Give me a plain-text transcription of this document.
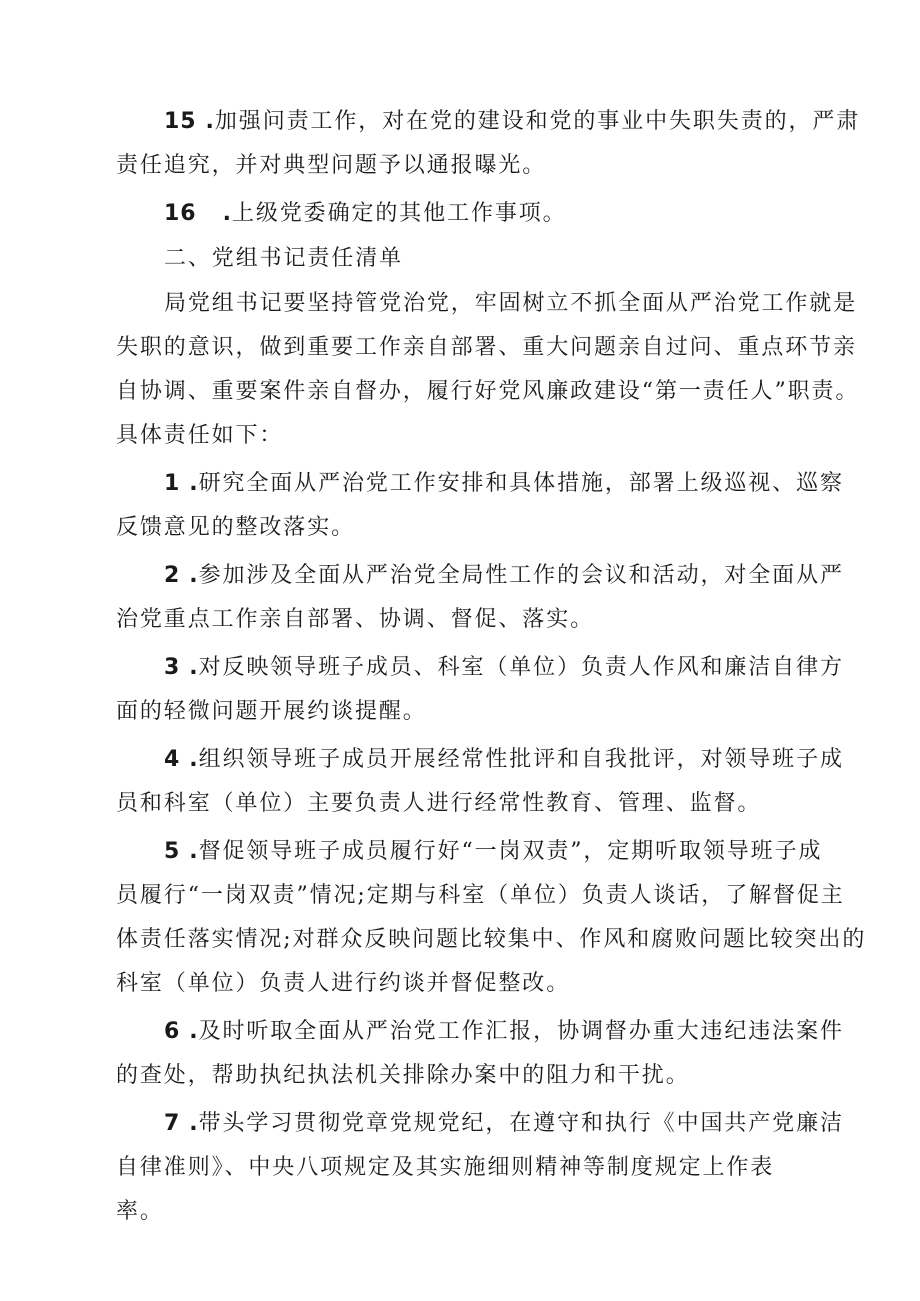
15 .加强问责工作，对在党的建设和党的事业中失职失责的，严肃
责任追究，并对典型问题予以通报曝光。
16 .上级党委确定的其他工作事项。
二、党组书记责任清单
局党组书记要坚持管党治党，牢固树立不抓全面从严治党工作就是
失职的意识，做到重要工作亲自部署、重大问题亲自过问、重点环节亲
自协调、重要案件亲自督办，履行好党风廉政建设“第一责任人”职责。
具体责任如下：
1 .研究全面从严治党工作安排和具体措施，部署上级巡视、巡察
反馈意见的整改落实。
2 .参加涉及全面从严治党全局性工作的会议和活动，对全面从严
治党重点工作亲自部署、协调、督促、落实。
3 .对反映领导班子成员、科室（单位）负责人作风和廉洁自律方
面的轻微问题开展约谈提醒。
4 .组织领导班子成员开展经常性批评和自我批评，对领导班子成
员和科室（单位）主要负责人进行经常性教育、管理、监督。
5 .督促领导班子成员履行好“一岗双责”，定期听取领导班子成
员履行“一岗双责”情况;定期与科室（单位）负责人谈话，了解督促主
体责任落实情况;对群众反映问题比较集中、作风和腐败问题比较突出的
科室（单位）负责人进行约谈并督促整改。
6 .及时听取全面从严治党工作汇报，协调督办重大违纪违法案件
的查处，帮助执纪执法机关排除办案中的阻力和干扰。
7 .带头学习贯彻党章党规党纪，在遵守和执行《中国共产党廉洁
自律准则》、中央八项规定及其实施细则精神等制度规定上作表
率。
